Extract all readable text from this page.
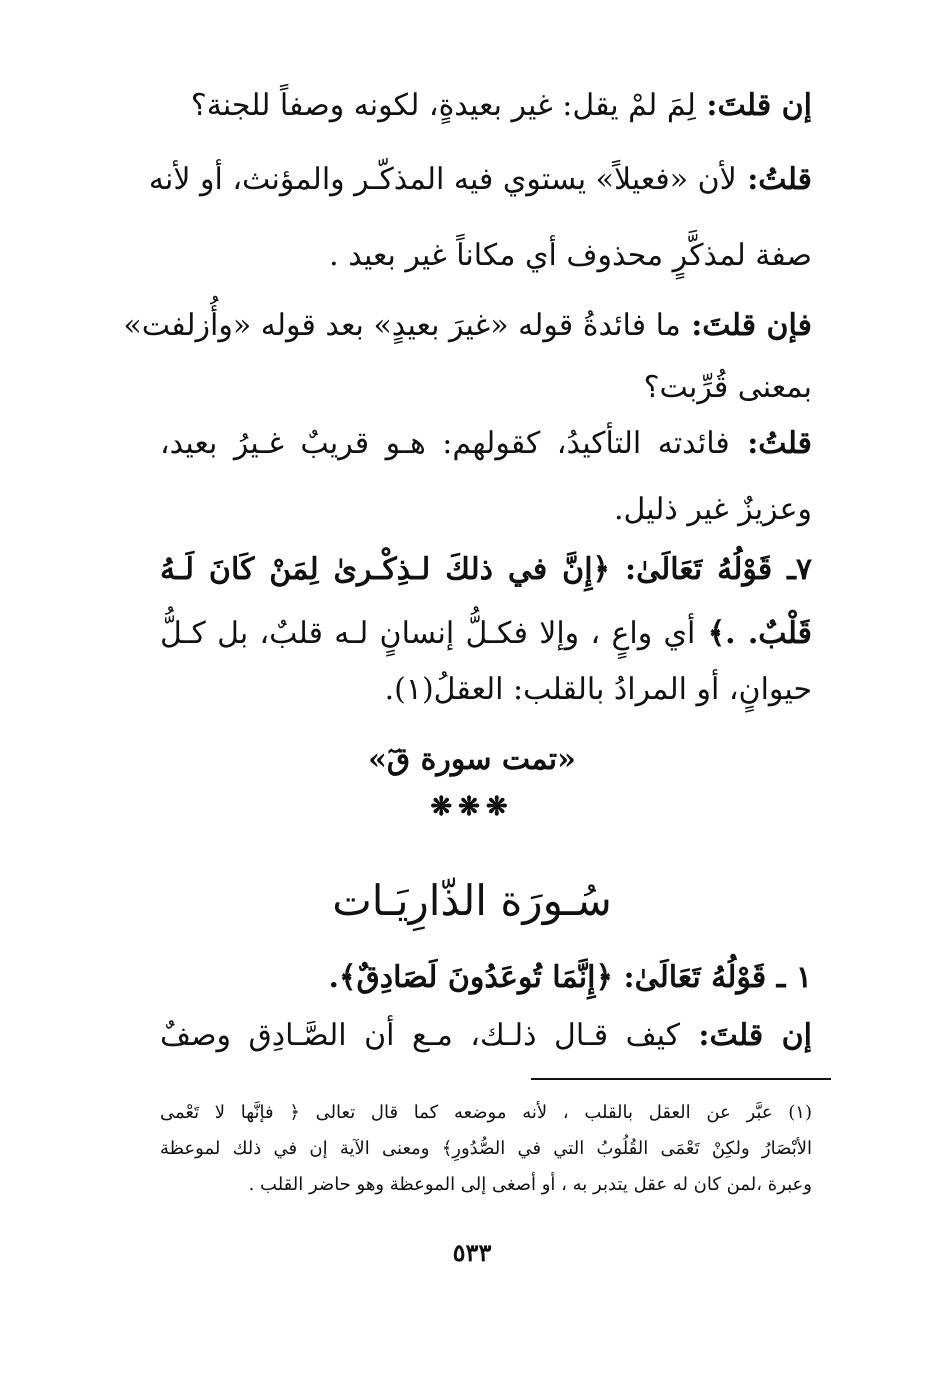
إن قلتَ: لِمَ لمْ يقل: غير بعيدةٍ، لكونه وصفاً للجنة؟
قلتُ: لأن «فعيلاً» يستوي فيه المذكّـر والمؤنث، أو لأنه
صفة لمذكَّرٍ محذوف أي مكاناً غير بعيد .
فإن قلتَ: ما فائدةُ قوله «غيرَ بعيدٍ» بعد قوله «وأُزلفت»
بمعنى قُرِّبت؟
قلتُ: فائدته التأكيدُ، كقولهم: هـو قريبٌ غـيرُ بعيد،
وعزيزٌ غير ذليل.
٧ـ قَوْلُهُ تَعَالَىٰ: ﴿إِنَّ في ذلكَ لـذِكْـرىٰ لِمَنْ كَانَ لَـهُ
قَلْبٌ. .﴾ أي واعٍ ، وإلا فكـلُّ إنسانٍ لـه قلبٌ، بل كـلُّ
حيوانٍ، أو المرادُ بالقلب: العقلُ(١).
«تمت سورة قٓ»
❋❋❋
سُـورَة الذّارِيَـات
١ ـ قَوْلُهُ تَعَالَىٰ: ﴿إِنَّمَا تُوعَدُونَ لَصَادِقٌ﴾.
إن قلتَ: كيف قـال ذلـك، مـع أن الصَّـادِق وصفٌ
(١) عبَّر عن العقل بالقلب ، لأنه موضعه كما قال تعالى ﴿ فإنَّها لا تَعْمى
الأبْصَارُ ولكِنْ تَعْمَى القُلُوبُ التي في الصُّدُورِ﴾ ومعنى الآية إن في ذلك لموعظة
وعبرة ،لمن كان له عقل يتدبر به ، أو أصغى إلى الموعظة وهو حاضر القلب .
٥٣٣
